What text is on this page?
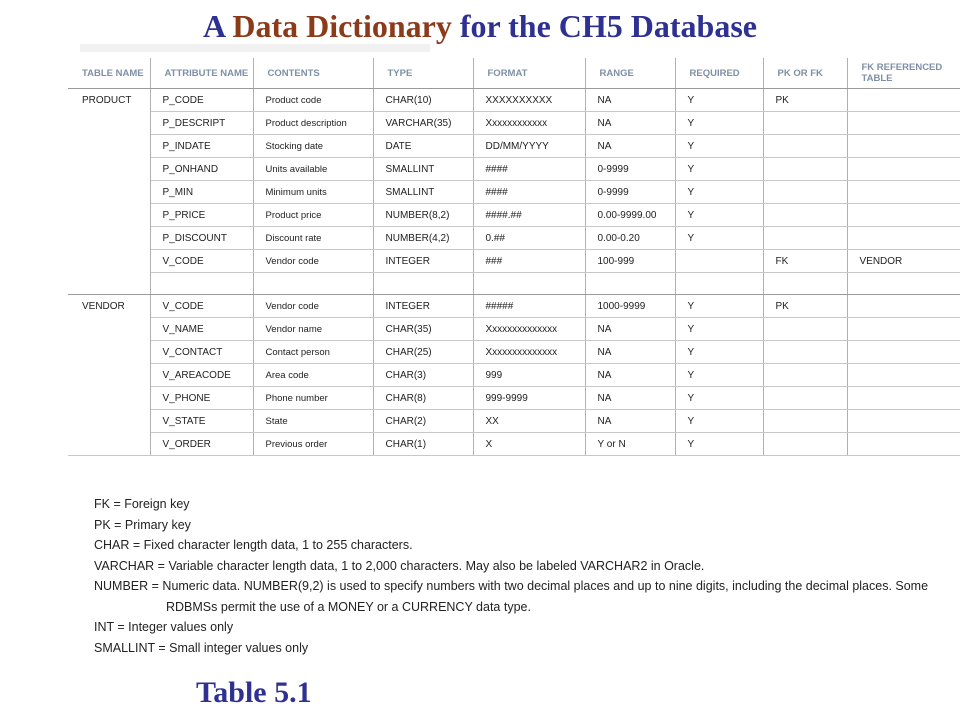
A Data Dictionary for the CH5 Database
TABLE NAME	ATTRIBUTE NAME	CONTENTS	TYPE	FORMAT	RANGE	REQUIRED	PK OR FK	FK REFERENCED TABLE
PRODUCT	P_CODE	Product code	CHAR(10)	XXXXXXXXXX	NA	Y	PK	
	P_DESCRIPT	Product description	VARCHAR(35)	Xxxxxxxxxxxx	NA	Y		
	P_INDATE	Stocking date	DATE	DD/MM/YYYY	NA	Y		
	P_ONHAND	Units available	SMALLINT	####	0-9999	Y		
	P_MIN	Minimum units	SMALLINT	####	0-9999	Y		
	P_PRICE	Product price	NUMBER(8,2)	####.##	0.00-9999.00	Y		
	P_DISCOUNT	Discount rate	NUMBER(4,2)	0.##	0.00-0.20	Y		
	V_CODE	Vendor code	INTEGER	###	100-999		FK	VENDOR

VENDOR	V_CODE	Vendor code	INTEGER	#####	1000-9999	Y	PK	
	V_NAME	Vendor name	CHAR(35)	Xxxxxxxxxxxxxx	NA	Y		
	V_CONTACT	Contact person	CHAR(25)	Xxxxxxxxxxxxxx	NA	Y		
	V_AREACODE	Area code	CHAR(3)	999	NA	Y		
	V_PHONE	Phone number	CHAR(8)	999-9999	NA	Y		
	V_STATE	State	CHAR(2)	XX	NA	Y		
	V_ORDER	Previous order	CHAR(1)	X	Y or N	Y		
FK = Foreign key
PK = Primary key
CHAR = Fixed character length data, 1 to 255 characters.
VARCHAR = Variable character length data, 1 to 2,000 characters. May also be labeled VARCHAR2 in Oracle.
NUMBER = Numeric data. NUMBER(9,2) is used to specify numbers with two decimal places and up to nine digits, including the decimal places. Some
RDBMSs permit the use of a MONEY or a CURRENCY data type.
INT = Integer values only
SMALLINT = Small integer values only
Table 5.1
